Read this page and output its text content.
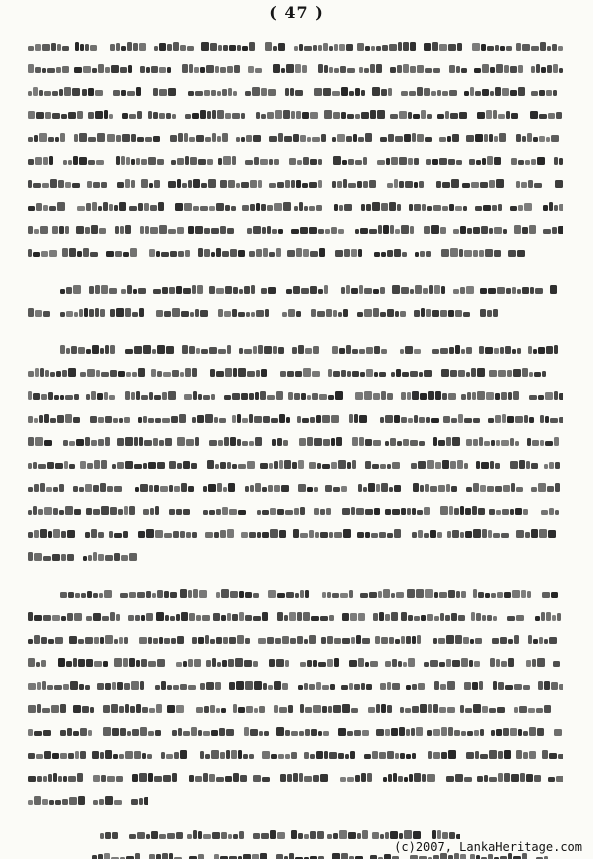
( 47 )
(c)2007, LankaHeritage.com
